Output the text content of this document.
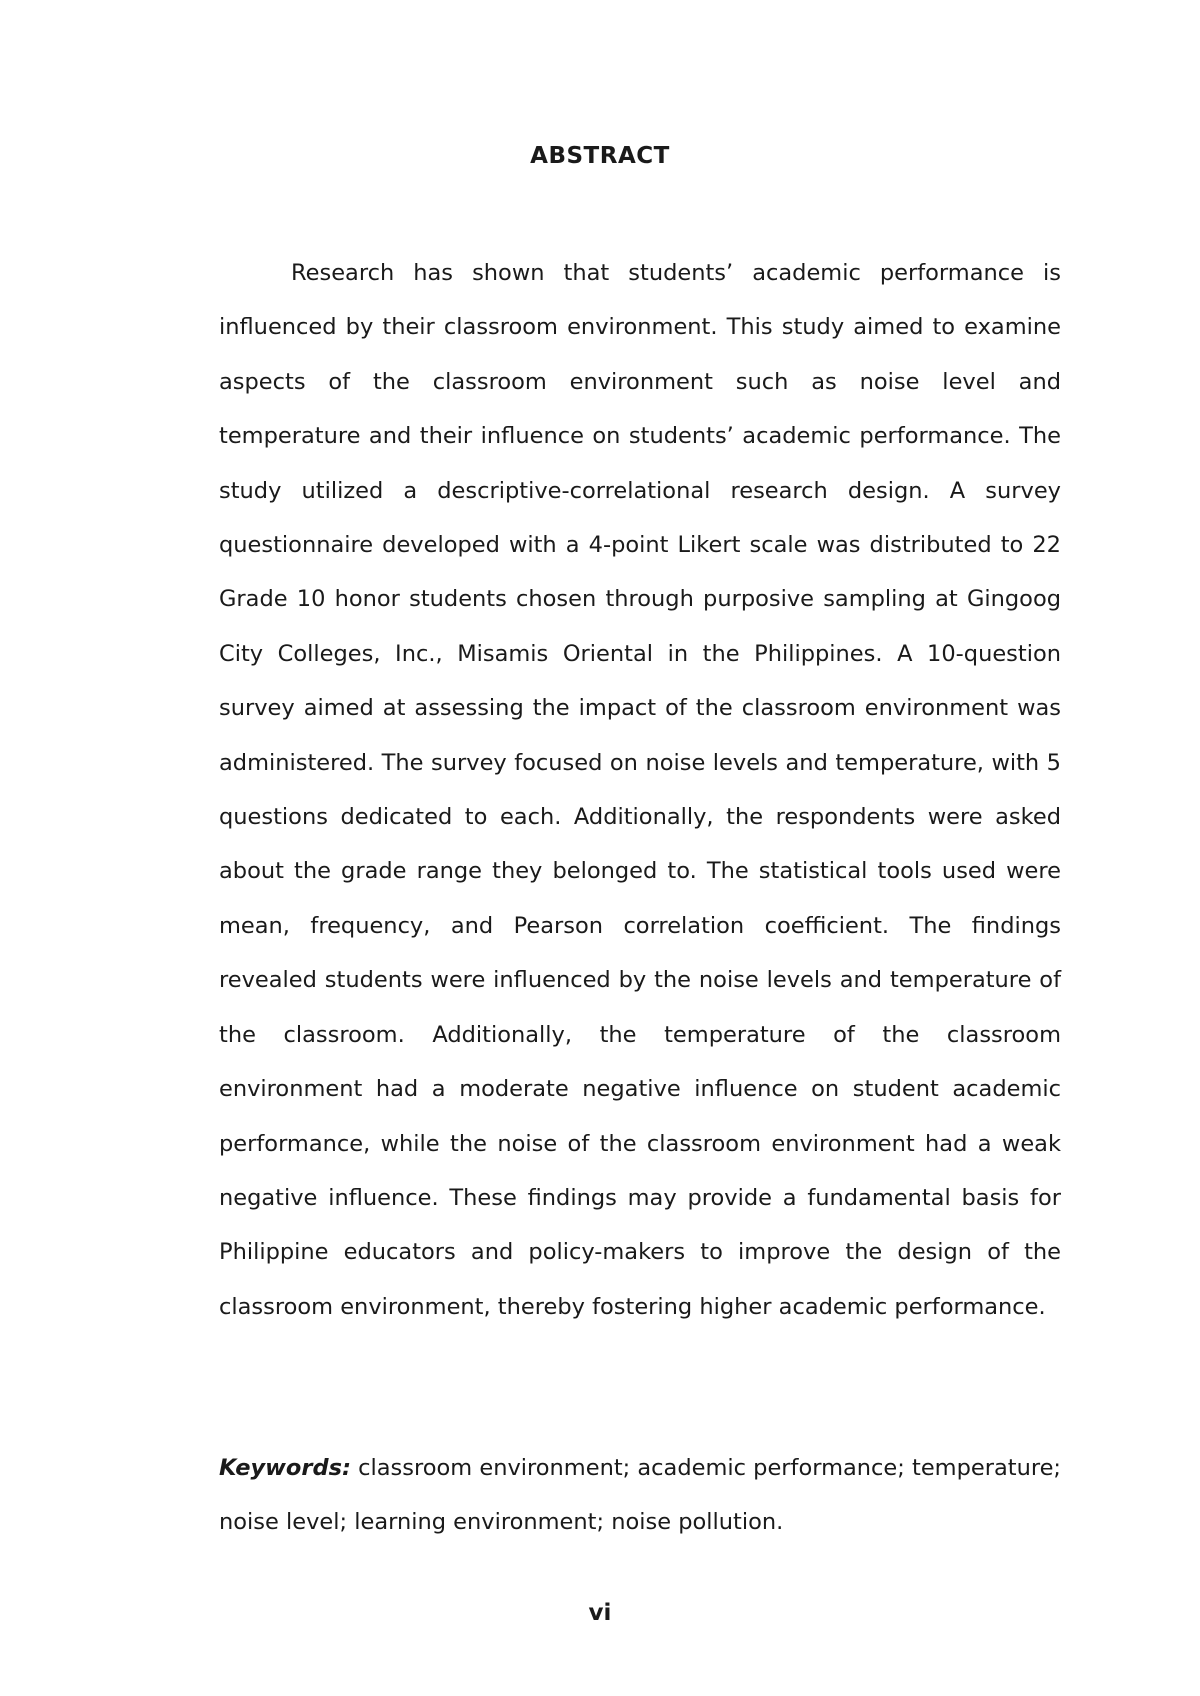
ABSTRACT

Research has shown that students’ academic performance is influenced by their classroom environment. This study aimed to examine aspects of the classroom environment such as noise level and temperature and their influence on students’ academic performance. The study utilized a descriptive-correlational research design. A survey questionnaire developed with a 4-point Likert scale was distributed to 22 Grade 10 honor students chosen through purposive sampling at Gingoog City Colleges, Inc., Misamis Oriental in the Philippines. A 10-question survey aimed at assessing the impact of the classroom environment was administered. The survey focused on noise levels and temperature, with 5 questions dedicated to each. Additionally, the respondents were asked about the grade range they belonged to. The statistical tools used were mean, frequency, and Pearson correlation coefficient. The findings revealed students were influenced by the noise levels and temperature of the classroom. Additionally, the temperature of the classroom environment had a moderate negative influence on student academic performance, while the noise of the classroom environment had a weak negative influence. These findings may provide a fundamental basis for Philippine educators and policy-makers to improve the design of the classroom environment, thereby fostering higher academic performance.

Keywords: classroom environment; academic performance; temperature; noise level; learning environment; noise pollution.

vi
